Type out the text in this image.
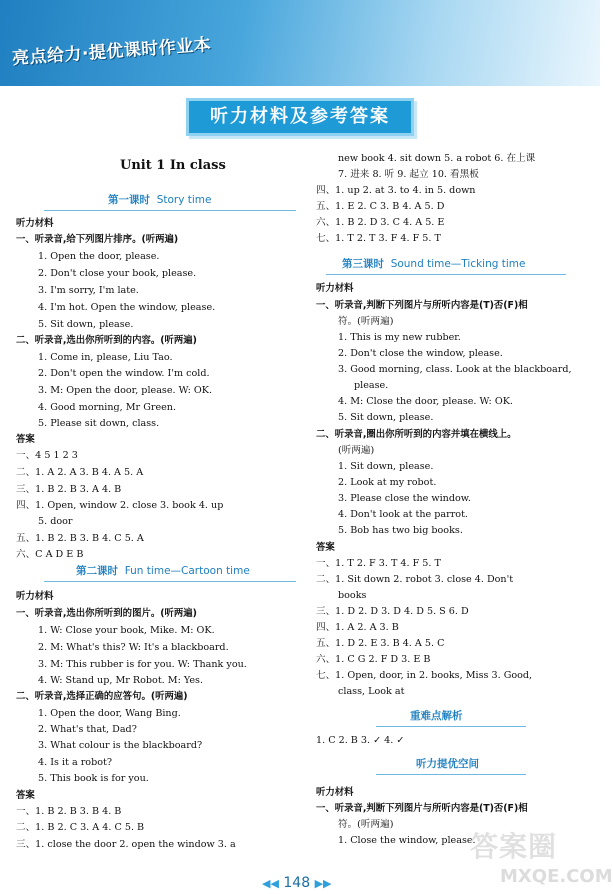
亮点给力·提优课时作业本
听力材料及参考答案
Unit 1 In class
第一课时 Story time
听力材料
一、听录音,给下列图片排序。(听两遍)
1. Open the door, please.
2. Don't close your book, please.
3. I'm sorry, I'm late.
4. I'm hot. Open the window, please.
5. Sit down, please.
二、听录音,选出你所听到的内容。(听两遍)
1. Come in, please, Liu Tao.
2. Don't open the window. I'm cold.
3. M: Open the door, please. W: OK.
4. Good morning, Mr Green.
5. Please sit down, class.
答案
一、4 5 1 2 3
二、1. A 2. A 3. B 4. A 5. A
三、1. B 2. B 3. A 4. B
四、1. Open, window 2. close 3. book 4. up
5. door
五、1. B 2. B 3. B 4. C 5. A
六、C A D E B
第二课时 Fun time—Cartoon time
听力材料
一、听录音,选出你所听到的图片。(听两遍)
1. W: Close your book, Mike. M: OK.
2. M: What's this? W: It's a blackboard.
3. M: This rubber is for you. W: Thank you.
4. W: Stand up, Mr Robot. M: Yes.
二、听录音,选择正确的应答句。(听两遍)
1. Open the door, Wang Bing.
2. What's that, Dad?
3. What colour is the blackboard?
4. Is it a robot?
5. This book is for you.
答案
一、1. B 2. B 3. B 4. B
二、1. B 2. C 3. A 4. C 5. B
三、1. close the door 2. open the window 3. a
new book 4. sit down 5. a robot 6. 在上课
7. 进来 8. 听 9. 起立 10. 看黑板
四、1. up 2. at 3. to 4. in 5. down
五、1. E 2. C 3. B 4. A 5. D
六、1. B 2. D 3. C 4. A 5. E
七、1. T 2. T 3. F 4. F 5. T
第三课时 Sound time—Ticking time
听力材料
一、听录音,判断下列图片与所听内容是(T)否(F)相
符。(听两遍)
1. This is my new rubber.
2. Don't close the window, please.
3. Good morning, class. Look at the blackboard,
please.
4. M: Close the door, please. W: OK.
5. Sit down, please.
二、听录音,圈出你所听到的内容并填在横线上。
(听两遍)
1. Sit down, please.
2. Look at my robot.
3. Please close the window.
4. Don't look at the parrot.
5. Bob has two big books.
答案
一、1. T 2. F 3. T 4. F 5. T
二、1. Sit down 2. robot 3. close 4. Don't
books
三、1. D 2. D 3. D 4. D 5. S 6. D
四、1. A 2. A 3. B
五、1. D 2. E 3. B 4. A 5. C
六、1. C G 2. F D 3. E B
七、1. Open, door, in 2. books, Miss 3. Good,
class, Look at
重难点解析
1. C 2. B 3. ✓ 4. ✓
听力提优空间
听力材料
一、听录音,判断下列图片与所听内容是(T)否(F)相
符。(听两遍)
1. Close the window, please.
答案圈
MXQE.COM
◀◀ 148 ▶▶
